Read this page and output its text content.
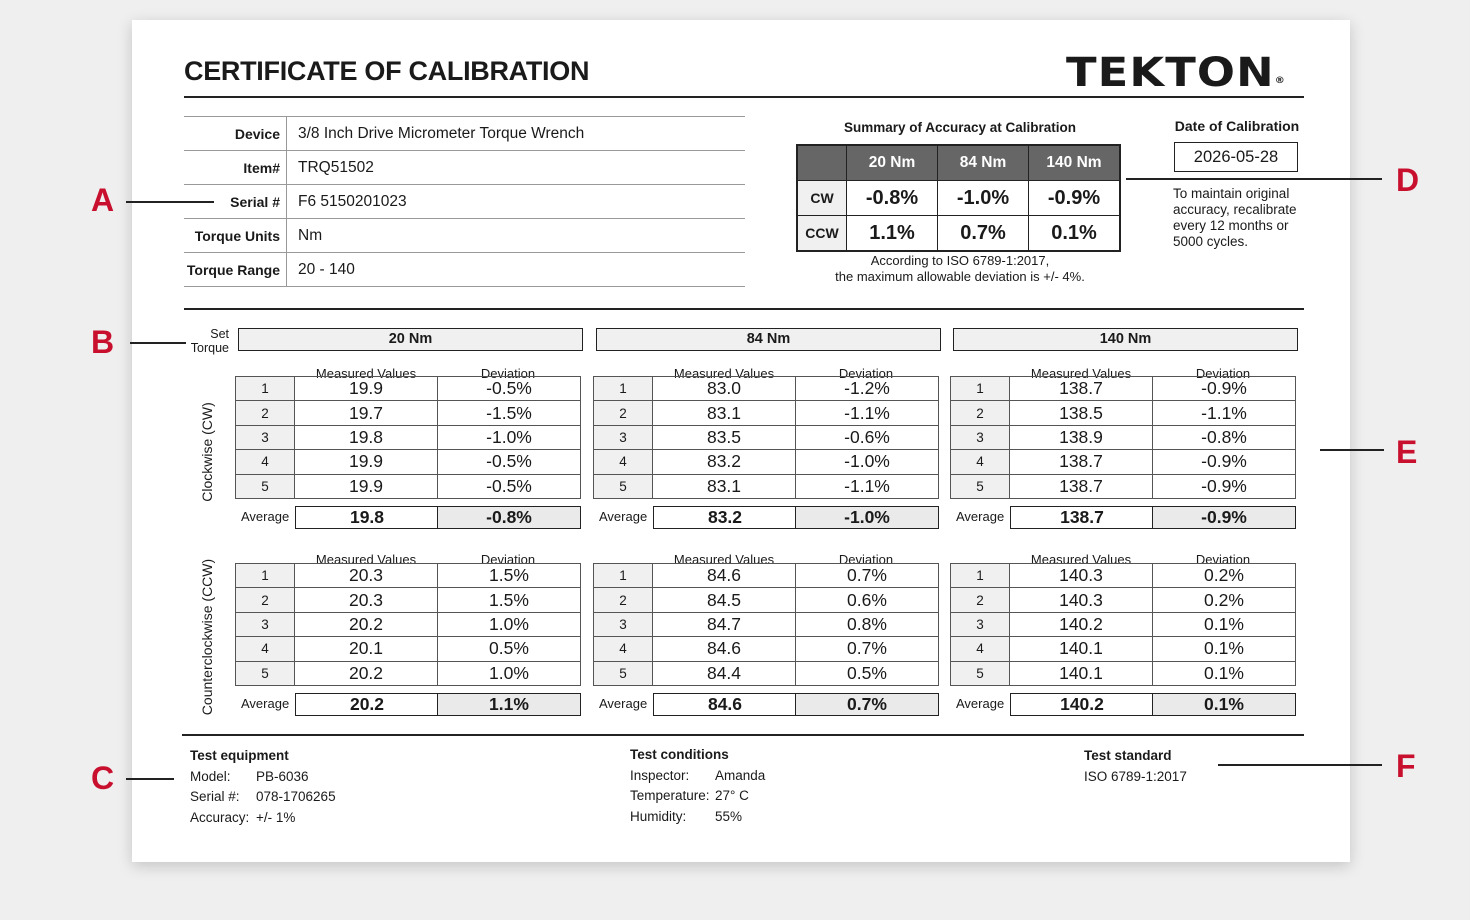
CERTIFICATE OF CALIBRATION	TEKTON®
Device	3/8 Inch Drive Micrometer Torque Wrench
Item#	TRQ51502
Serial #	F6 5150201023
Torque Units	Nm
Torque Range	20 - 140
Summary of Accuracy at Calibration
	20 Nm	84 Nm	140 Nm
CW	-0.8%	-1.0%	-0.9%
CCW	1.1%	0.7%	0.1%
According to ISO 6789-1:2017,
the maximum allowable deviation is +/- 4%.
Date of Calibration
2026-05-28
To maintain original accuracy, recalibrate every 12 months or 5000 cycles.
Set Torque
Clockwise (CW)
Counterclockwise (CCW)
20 Nm
Measured Values	Deviation
1	19.9	-0.5%
2	19.7	-1.5%
3	19.8	-1.0%
4	19.9	-0.5%
5	19.9	-0.5%
Average	19.8	-0.8%
Measured Values	Deviation
1	20.3	1.5%
2	20.3	1.5%
3	20.2	1.0%
4	20.1	0.5%
5	20.2	1.0%
Average	20.2	1.1%
84 Nm
Measured Values	Deviation
1	83.0	-1.2%
2	83.1	-1.1%
3	83.5	-0.6%
4	83.2	-1.0%
5	83.1	-1.1%
Average	83.2	-1.0%
Measured Values	Deviation
1	84.6	0.7%
2	84.5	0.6%
3	84.7	0.8%
4	84.6	0.7%
5	84.4	0.5%
Average	84.6	0.7%
140 Nm
Measured Values	Deviation
1	138.7	-0.9%
2	138.5	-1.1%
3	138.9	-0.8%
4	138.7	-0.9%
5	138.7	-0.9%
Average	138.7	-0.9%
Measured Values	Deviation
1	140.3	0.2%
2	140.3	0.2%
3	140.2	0.1%
4	140.1	0.1%
5	140.1	0.1%
Average	140.2	0.1%
Test equipment
Model: PB-6036
Serial #: 078-1706265
Accuracy: +/- 1%
Test conditions
Inspector: Amanda
Temperature: 27° C
Humidity: 55%
Test standard
ISO 6789-1:2017
A
B
C
D
E
F
